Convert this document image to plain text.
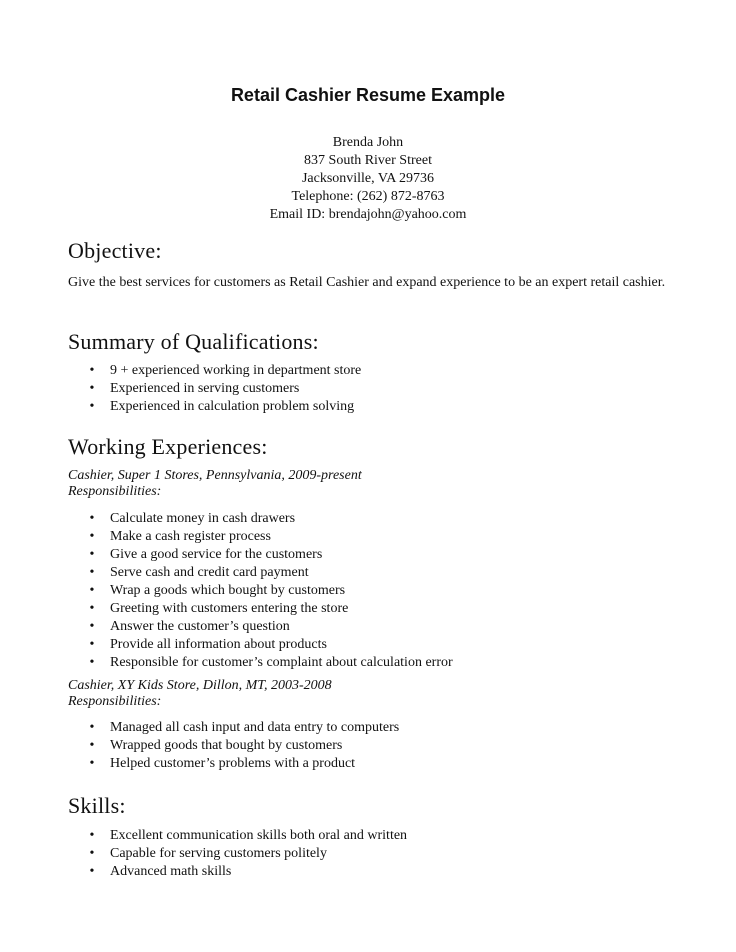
Retail Cashier Resume Example
Brenda John
837 South River Street
Jacksonville, VA 29736
Telephone: (262) 872-8763
Email ID: brendajohn@yahoo.com
Objective:

Give the best services for customers as Retail Cashier and expand experience to be an expert retail cashier.

Summary of Qualifications:
• 9 + experienced working in department store
• Experienced in serving customers
• Experienced in calculation problem solving
Working Experiences:
Cashier, Super 1 Stores, Pennsylvania, 2009-present
Responsibilities:
• Calculate money in cash drawers
• Make a cash register process
• Give a good service for the customers
• Serve cash and credit card payment
• Wrap a goods which bought by customers
• Greeting with customers entering the store
• Answer the customer’s question
• Provide all information about products
• Responsible for customer’s complaint about calculation error
Cashier, XY Kids Store, Dillon, MT, 2003-2008
Responsibilities:
• Managed all cash input and data entry to computers
• Wrapped goods that bought by customers
• Helped customer’s problems with a product
Skills:
• Excellent communication skills both oral and written
• Capable for serving customers politely
• Advanced math skills
